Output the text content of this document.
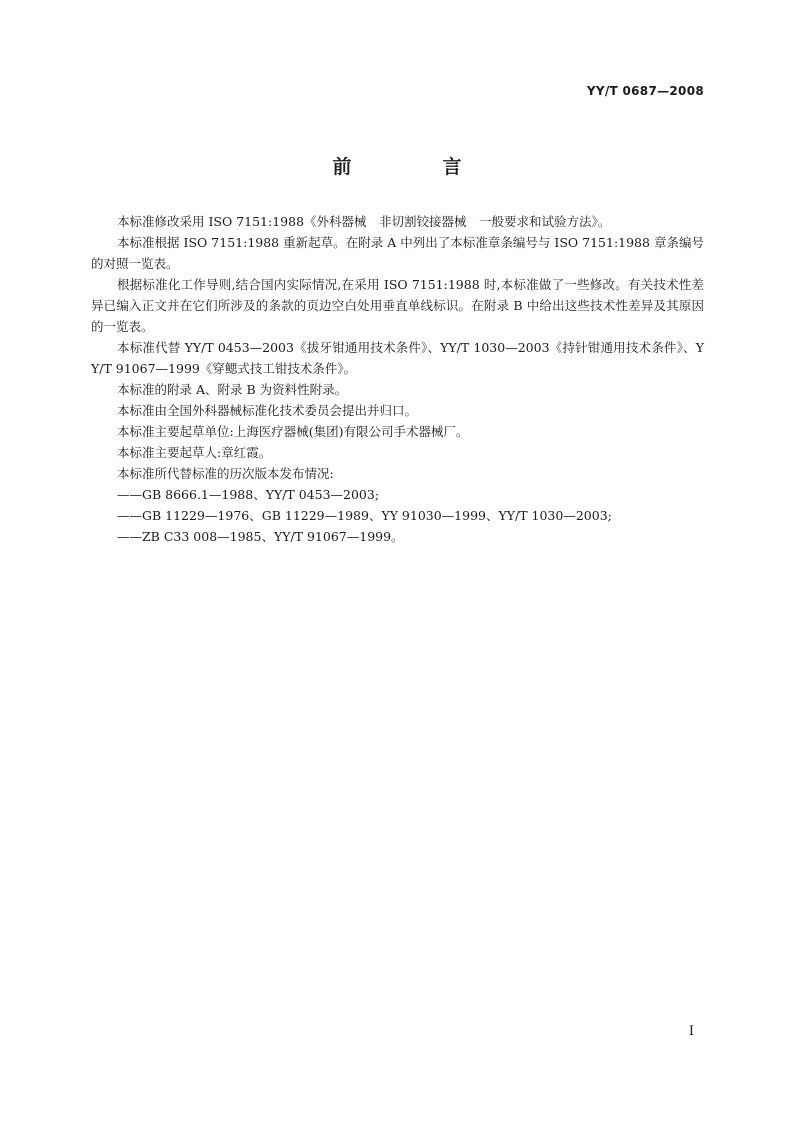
YY/T 0687—2008
前　言

本标准修改采用 ISO 7151:1988《外科器械　非切割铰接器械　一般要求和试验方法》。

本标准根据 ISO 7151:1988 重新起草。在附录 A 中列出了本标准章条编号与 ISO 7151:1988 章条编号的对照一览表。

根据标准化工作导则,结合国内实际情况,在采用 ISO 7151:1988 时,本标准做了一些修改。有关技术性差异已编入正文并在它们所涉及的条款的页边空白处用垂直单线标识。在附录 B 中给出这些技术性差异及其原因的一览表。

本标准代替 YY/T 0453—2003《拔牙钳通用技术条件》、YY/T 1030—2003《持针钳通用技术条件》、YY/T 91067—1999《穿鳃式技工钳技术条件》。

本标准的附录 A、附录 B 为资料性附录。

本标准由全国外科器械标准化技术委员会提出并归口。

本标准主要起草单位:上海医疗器械(集团)有限公司手术器械厂。

本标准主要起草人:章红霞。

本标准所代替标准的历次版本发布情况:

——GB 8666.1—1988、YY/T 0453—2003;

——GB 11229—1976、GB 11229—1989、YY 91030—1999、YY/T 1030—2003;

——ZB C33 008—1985、YY/T 91067—1999。

I
